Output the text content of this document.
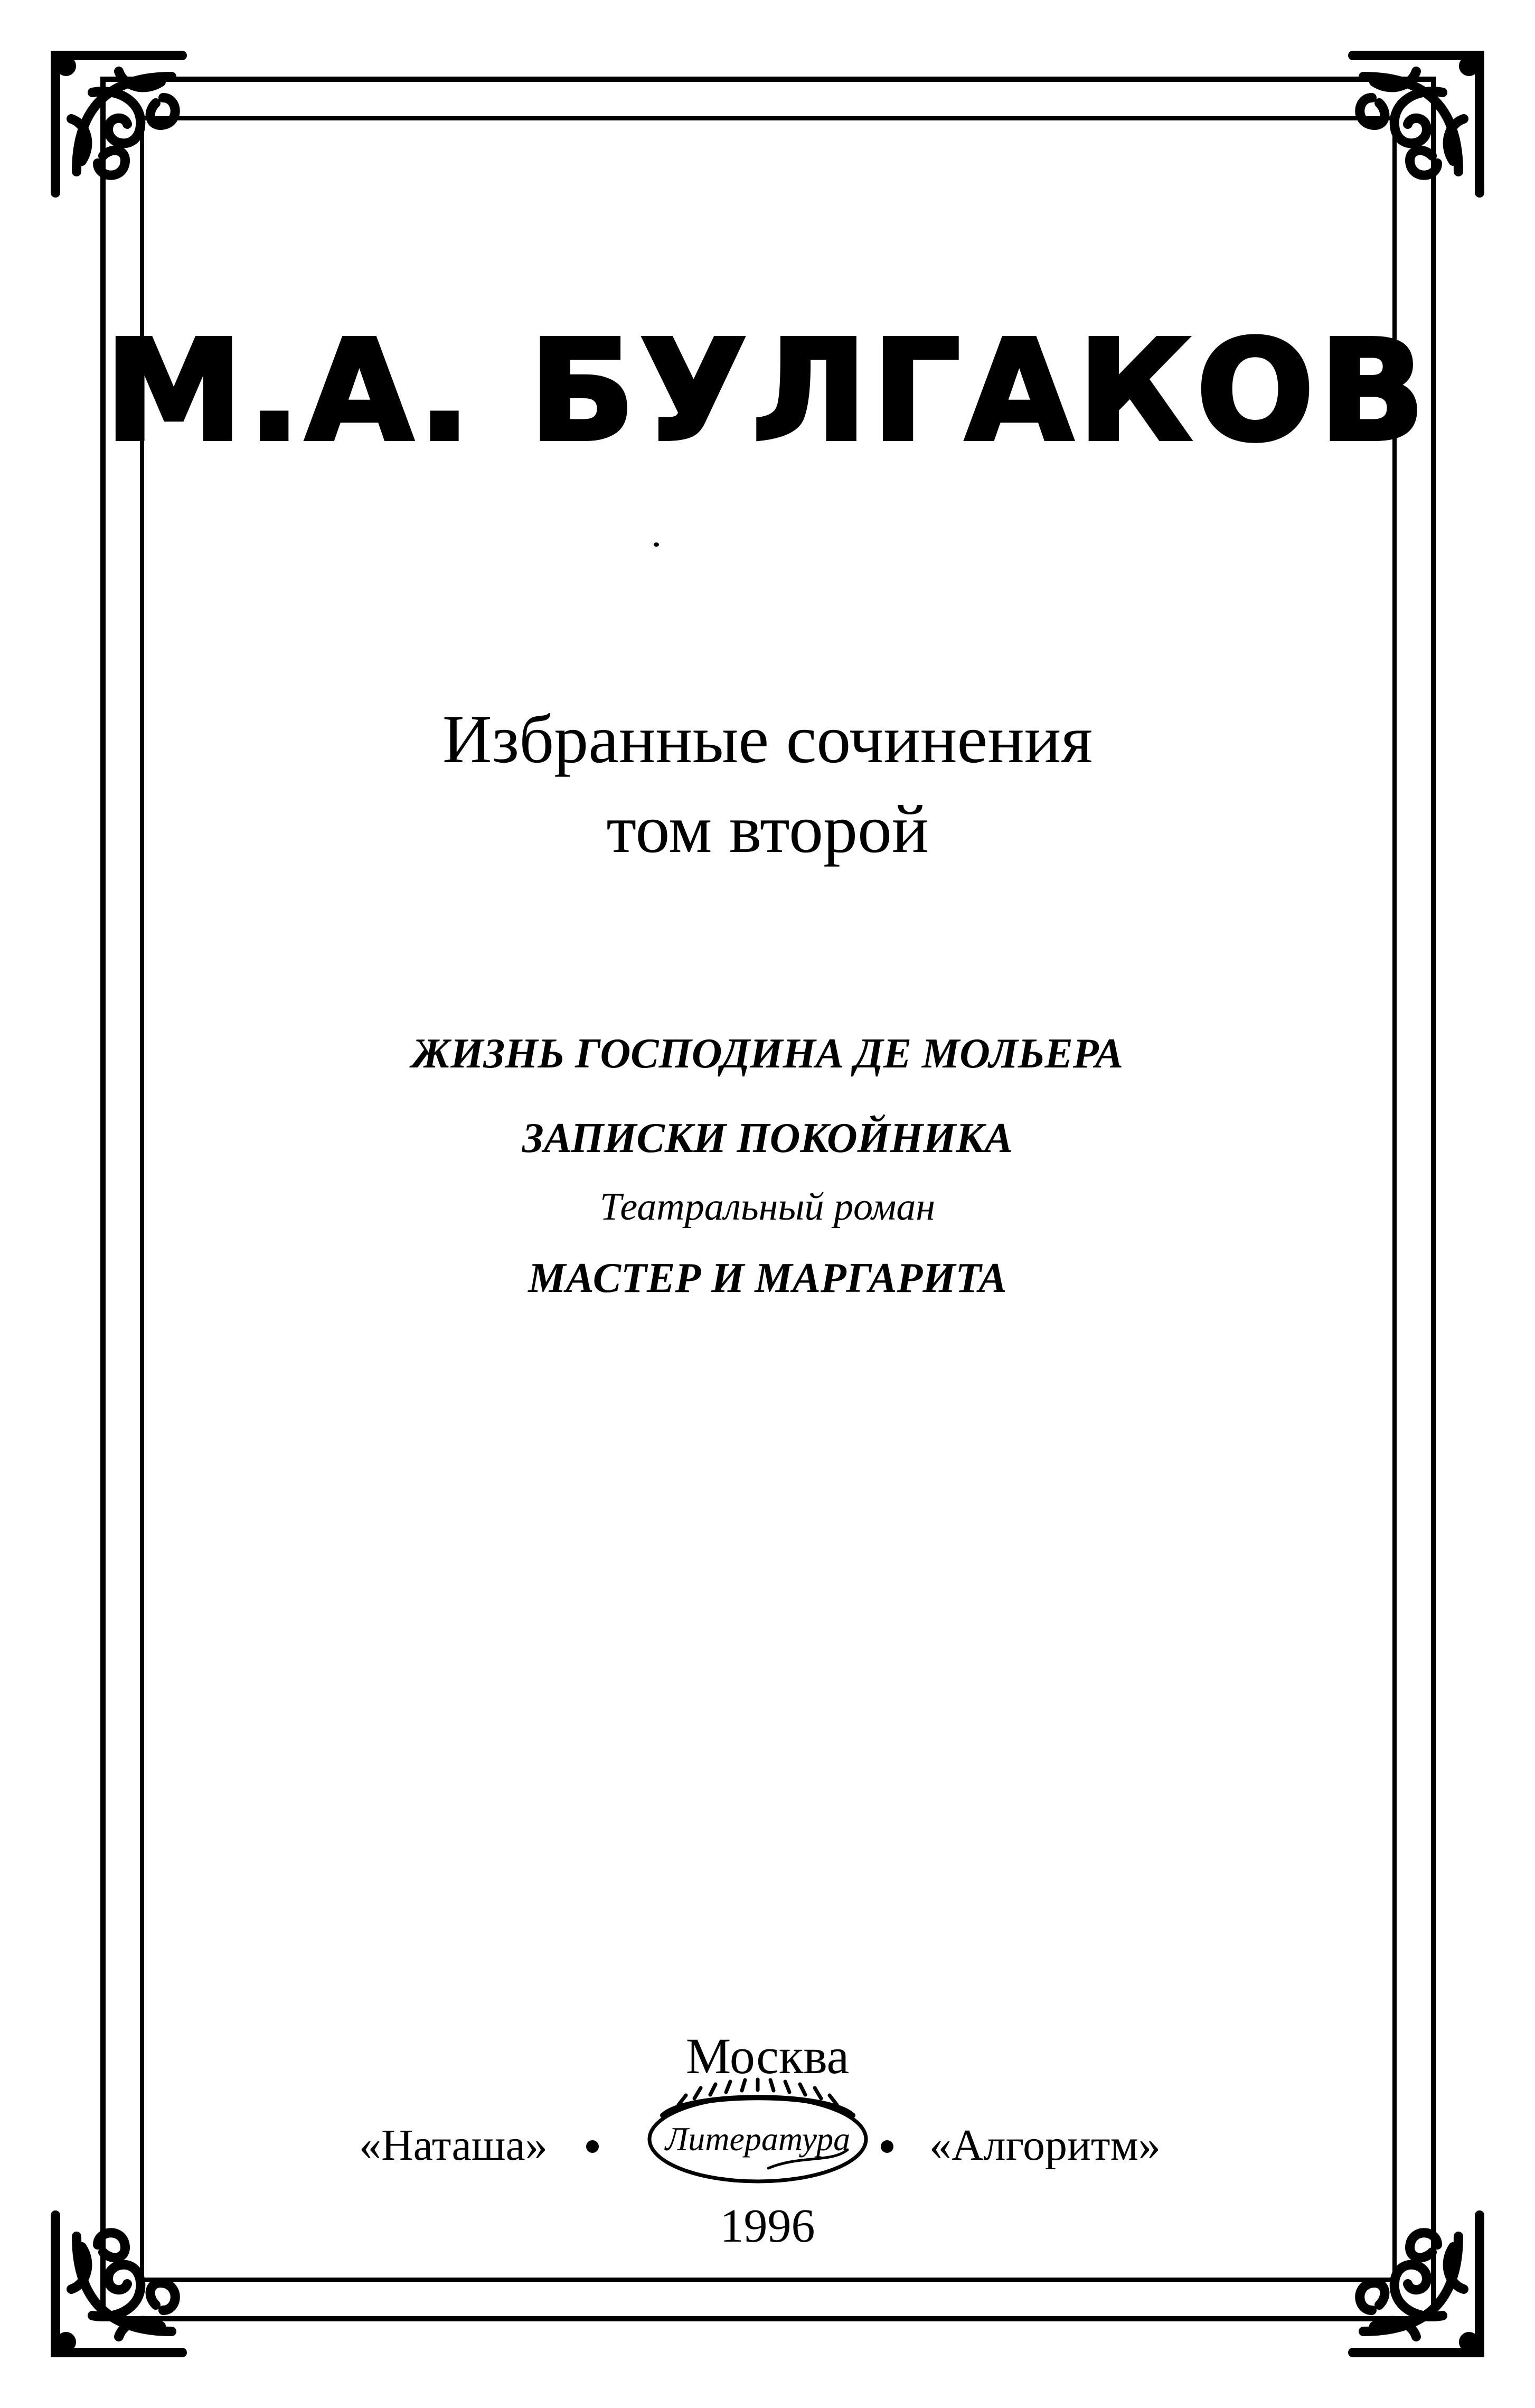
М.А. БУЛГАКОВ
Избранные сочинения
том второй
ЖИЗНЬ ГОСПОДИНА ДЕ МОЛЬЕРА
ЗАПИСКИ ПОКОЙНИКА
Театральный роман
МАСТЕР И МАРГАРИТА
Москва
«Наташа»	Литература	«Алгоритм»
1996
